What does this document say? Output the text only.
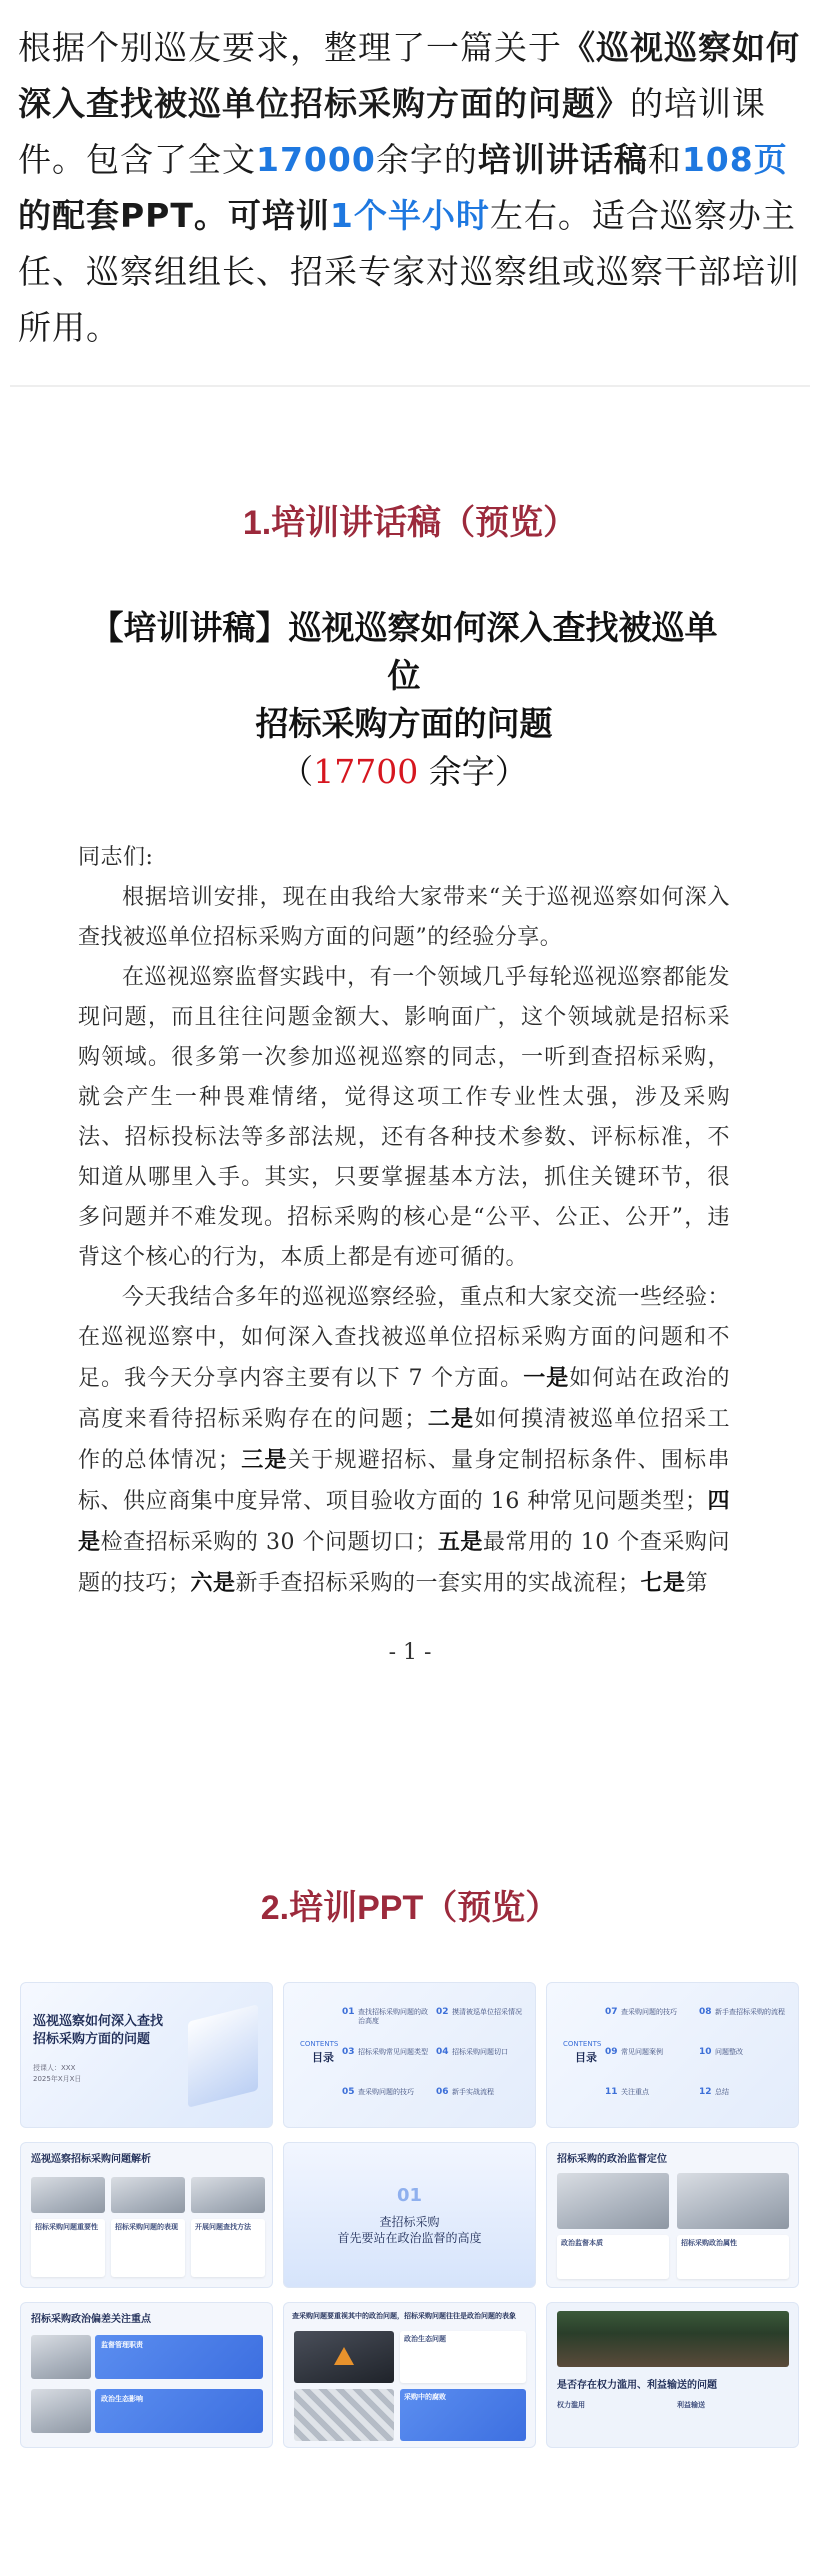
根据个别巡友要求，整理了一篇关于《巡视巡察如何深入查找被巡单位招标采购方面的问题》的培训课件。包含了全文17000余字的培训讲话稿和108页的配套PPT。可培训1个半小时左右。适合巡察办主任、巡察组组长、招采专家对巡察组或巡察干部培训所用。
1.培训讲话稿（预览）
【培训讲稿】巡视巡察如何深入查找被巡单位
招标采购方面的问题
（17700 余字）

同志们:

根据培训安排，现在由我给大家带来“关于巡视巡察如何深入查找被巡单位招标采购方面的问题”的经验分享。

在巡视巡察监督实践中，有一个领域几乎每轮巡视巡察都能发现问题，而且往往问题金额大、影响面广，这个领域就是招标采购领域。很多第一次参加巡视巡察的同志，一听到查招标采购，就会产生一种畏难情绪，觉得这项工作专业性太强，涉及采购法、招标投标法等多部法规，还有各种技术参数、评标标准，不知道从哪里入手。其实，只要掌握基本方法，抓住关键环节，很多问题并不难发现。招标采购的核心是“公平、公正、公开”，违背这个核心的行为，本质上都是有迹可循的。

今天我结合多年的巡视巡察经验，重点和大家交流一些经验：在巡视巡察中，如何深入查找被巡单位招标采购方面的问题和不足。我今天分享内容主要有以下 7 个方面。一是如何站在政治的高度来看待招标采购存在的问题；二是如何摸清被巡单位招采工作的总体情况；三是关于规避招标、量身定制招标条件、围标串标、供应商集中度异常、项目验收方面的 16 种常见问题类型；四是检查招标采购的 30 个问题切口；五是最常用的 10 个查采购问题的技巧；六是新手查招标采购的一套实用的实战流程；七是第

- 1 -
2.培训PPT（预览）
巡视巡察如何深入查找
招标采购方面的问题
授课人：XXX
2025年X月X日
CONTENTS
目录
01 查找招标采购问题的政治高度
02 摸清被巡单位招采情况
03 招标采购常见问题类型 04 招标采购问题切口
05 查采购问题的技巧	06 新手实战流程
CONTENTS
目录
07 查采购问题的技巧	08 新手查招标采购的流程
09 常见问题案例	10 问题整改
11 关注重点	12 总结
巡视巡察招标采购问题解析
招标采购问题重要性 招标采购问题的表现 开展问题查找方法
01
查招标采购
首先要站在政治监督的高度
招标采购的政治监督定位
政治监督本质	招标采购政治属性
招标采购政治偏差关注重点
监督管理职责
政治生态影响
查采购问题要重视其中的政治问题，招标采购问题往往是政治问题的表象
政治生态问题
采购中的腐败
是否存在权力滥用、利益输送的问题
权力滥用	利益输送
